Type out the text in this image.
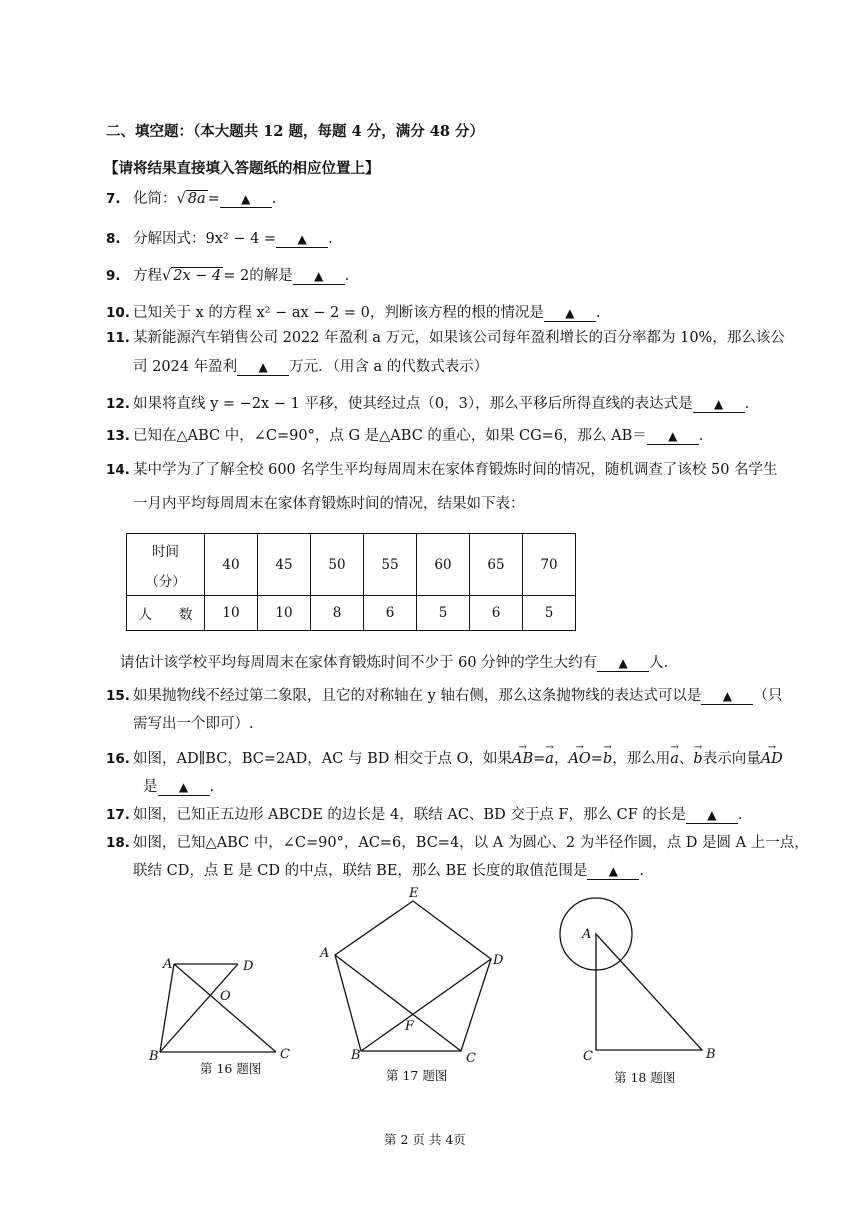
二、填空题：（本大题共 12 题，每题 4 分，满分 48 分）
【请将结果直接填入答题纸的相应位置上】
7. 化简：√ 8a = ▲ .
8. 分解因式：9x² − 4 = ▲ .
9. 方程√ 2x − 4 = 2的解是 ▲ .
10. 已知关于 x 的方程 x² − ax − 2 = 0，判断该方程的根的情况是 ▲ .
11. 某新能源汽车销售公司 2022 年盈利 a 万元，如果该公司每年盈利增长的百分率都为 10%，那么该公
司 2024 年盈利 ▲ 万元．（用含 a 的代数式表示）
12. 如果将直线 y = −2x − 1 平移，使其经过点（0，3），那么平移后所得直线的表达式是 ▲ .
13. 已知在△ABC 中，∠C=90°，点 G 是△ABC 的重心，如果 CG=6，那么 AB＝ ▲ .
14. 某中学为了了解全校 600 名学生平均每周周末在家体育锻炼时间的情况，随机调查了该校 50 名学生
一月内平均每周周末在家体育锻炼时间的情况，结果如下表：
时间
（分）	40	45	50	55	60	65	70
人　　数	10	10	8	6	5	6	5
请估计该学校平均每周周末在家体育锻炼时间不少于 60 分钟的学生大约有 ▲ 人.
15. 如果抛物线不经过第二象限，且它的对称轴在 y 轴右侧，那么这条抛物线的表达式可以是 ▲ （只
需写出一个即可）.
16. 如图，AD∥BC，BC=2AD，AC 与 BD 相交于点 O，如果→ AB=→ a，→ AO=→ b，那么用→ a、→ b表示向量→ AD
是 ▲ .
17. 如图，已知正五边形 ABCDE 的边长是 4，联结 AC、BD 交于点 F，那么 CF 的长是 ▲ .
18. 如图，已知△ABC 中，∠C=90°，AC=6，BC=4，以 A 为圆心、2 为半径作圆，点 D 是圆 A 上一点，
联结 CD，点 E 是 CD 的中点，联结 BE，那么 BE 长度的取值范围是 ▲ .
A	D
O
B	C
第 16 题图
E
A	D
F
B	C
第 17 题图
A
C	B
第 18 题图
第 2 页 共 4页
